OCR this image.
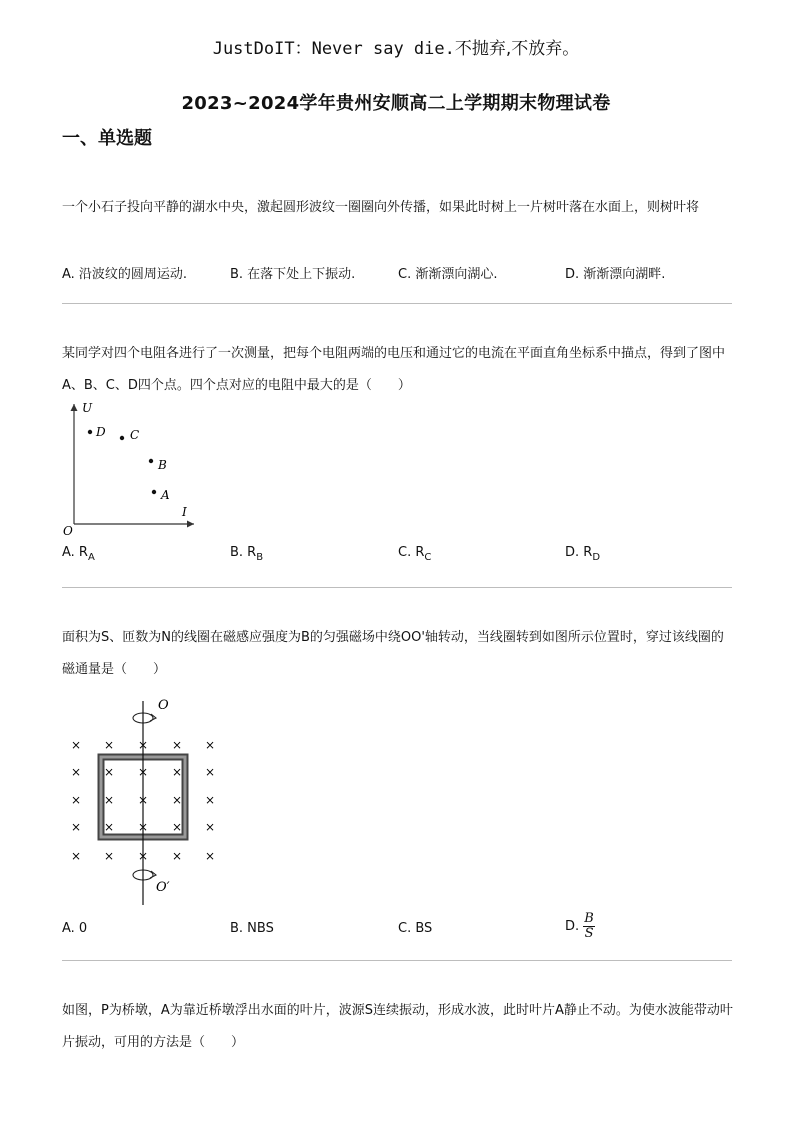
JustDoIT：Never say die.不抛弃,不放弃。
2023~2024学年贵州安顺高二上学期期末物理试卷
一、单选题
一个小石子投向平静的湖水中央，激起圆形波纹一圈圈向外传播，如果此时树上一片树叶落在水面上，则树叶将
A. 沿波纹的圆周运动.	B. 在落下处上下振动.	C. 渐渐漂向湖心.	D. 渐渐漂向湖畔.
某同学对四个电阻各进行了一次测量，把每个电阻两端的电压和通过它的电流在平面直角坐标系中描点，得到了图中A、B、C、D四个点。四个点对应的电阻中最大的是（　　）
U
I
O
D C
B
A
A. $R_A$	B. $R_B$	C. $R_C$	D. $R_D$
面积为S、匝数为N的线圈在磁感应强度为B的匀强磁场中绕OO'轴转动，当线圈转到如图所示位置时，穿过该线圈的磁通量是（　　）
O
O′
× × × × ×
× × × × ×
× × × × ×
× × × × ×
× × × × ×
A. 0	B. NBS	C. BS	D. $\frac{B}{S}$
如图，P为桥墩，A为靠近桥墩浮出水面的叶片，波源S连续振动，形成水波，此时叶片A静止不动。为使水波能带动叶片振动，可用的方法是（　　）
